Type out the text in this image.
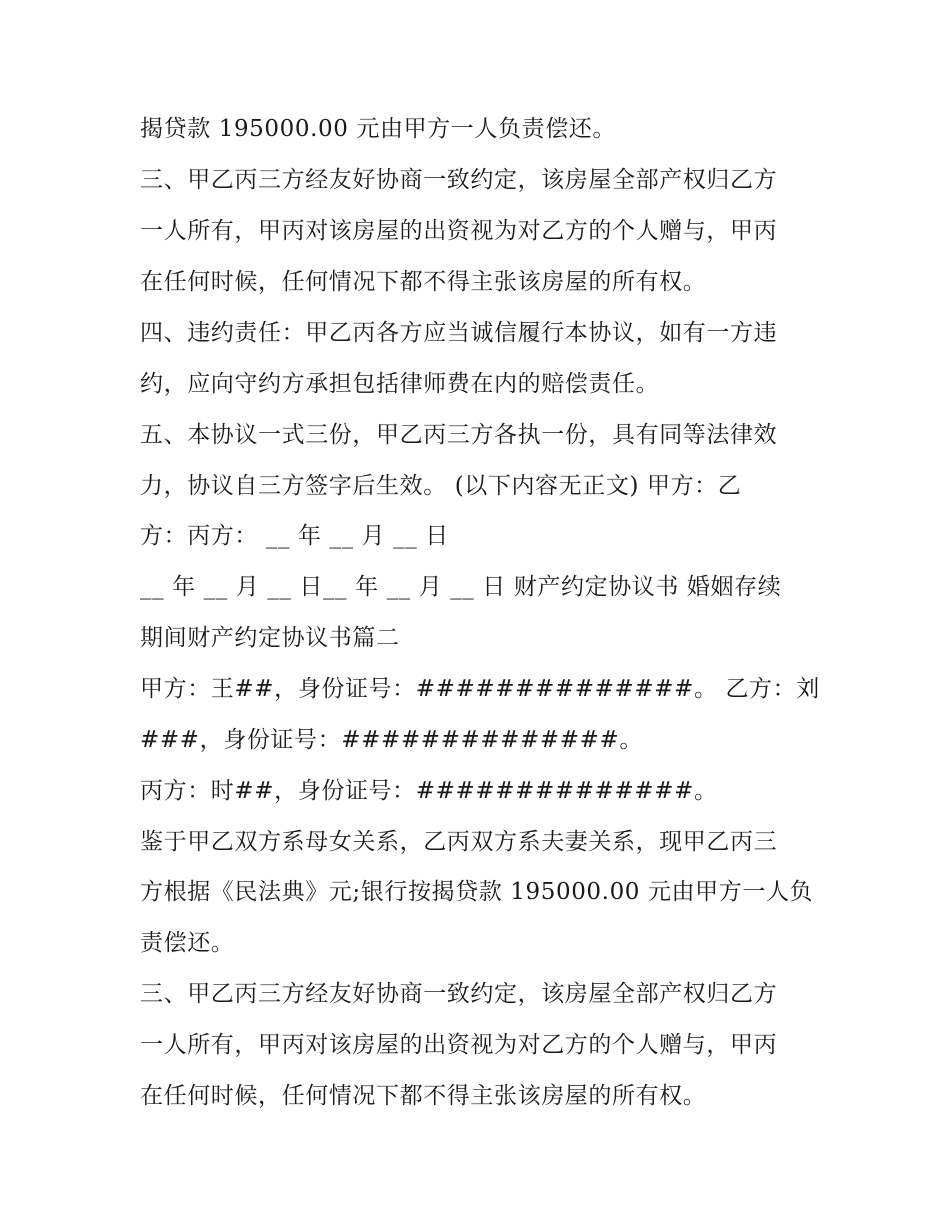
揭贷款 195000.00 元由甲方一人负责偿还。
三、甲乙丙三方经友好协商一致约定，该房屋全部产权归乙方
一人所有，甲丙对该房屋的出资视为对乙方的个人赠与，甲丙
在任何时候，任何情况下都不得主张该房屋的所有权。
四、违约责任：甲乙丙各方应当诚信履行本协议，如有一方违
约，应向守约方承担包括律师费在内的赔偿责任。
五、本协议一式三份，甲乙丙三方各执一份，具有同等法律效
力，协议自三方签字后生效。 (以下内容无正文) 甲方：乙
方：丙方： __ 年 __ 月 __ 日
__ 年 __ 月 __ 日__ 年 __ 月 __ 日 财产约定协议书 婚姻存续
期间财产约定协议书篇二
甲方：王##，身份证号：##############。 乙方：刘
###，身份证号：##############。
丙方：时##，身份证号：##############。
鉴于甲乙双方系母女关系，乙丙双方系夫妻关系，现甲乙丙三
方根据《民法典》元;银行按揭贷款 195000.00 元由甲方一人负
责偿还。
三、甲乙丙三方经友好协商一致约定，该房屋全部产权归乙方
一人所有，甲丙对该房屋的出资视为对乙方的个人赠与，甲丙
在任何时候，任何情况下都不得主张该房屋的所有权。
